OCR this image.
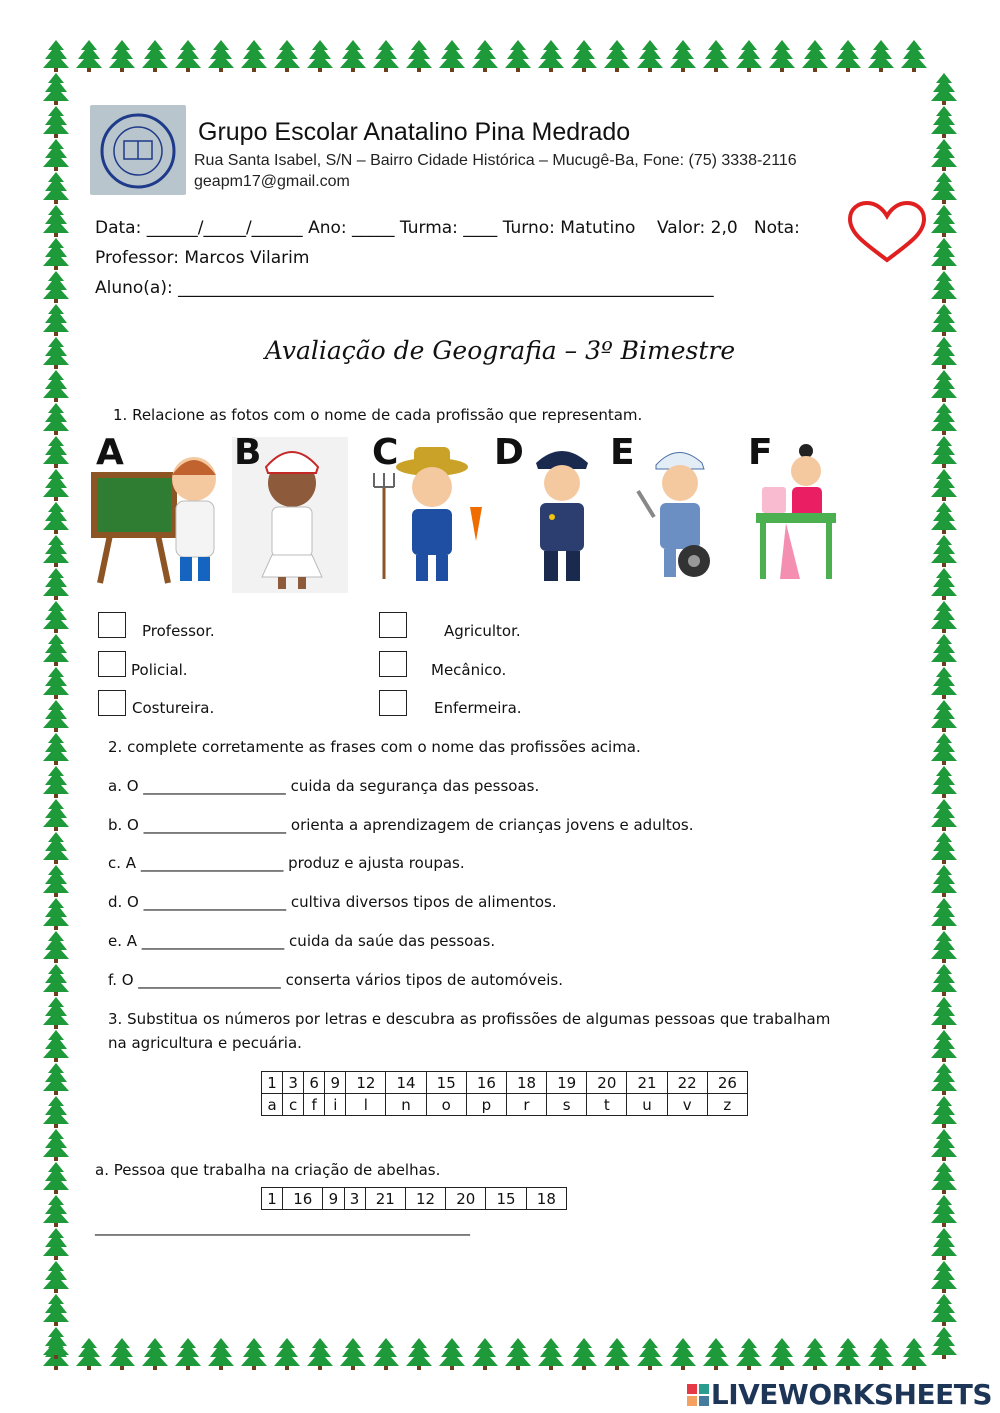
Grupo Escolar Anatalino Pina Medrado
Rua Santa Isabel, S/N – Bairro Cidade Histórica – Mucugê-Ba, Fone: (75) 3338-2116
geapm17@gmail.com
Data: ______/_____/______ Ano: _____ Turma: ____ Turno: Matutino    Valor: 2,0   Nota:
Professor: Marcos Vilarim
Aluno(a): _______________________________________________________________
Avaliação de Geografia – 3º Bimestre
1. Relacione as fotos com o nome de cada profissão que representam.
A	B	C	D E	F
Professor.	Agricultor.
Policial.	Mecânico.
Costureira.	Enfermeira.
2. complete corretamente as frases com o nome das profissões acima.
a. O ___________________ cuida da segurança das pessoas.
b. O ___________________ orienta a aprendizagem de crianças jovens e adultos.
c. A ___________________ produz e ajusta roupas.
d. O ___________________ cultiva diversos tipos de alimentos.
e. A ___________________ cuida da saúe das pessoas.
f. O ___________________ conserta vários tipos de automóveis.
3. Substitua os números por letras e descubra as profissões de algumas pessoas que trabalham
na agricultura e pecuária.
1	3	6	9	12	14	15	16	18	19	20	21	22	26
a	c	f	i	l	n	o	p	r	s	t	u	v	z
a. Pessoa que trabalha na criação de abelhas.
1	16	9	3	21	12	20	15	18
__________________________________________________
LIVEWORKSHEETS
